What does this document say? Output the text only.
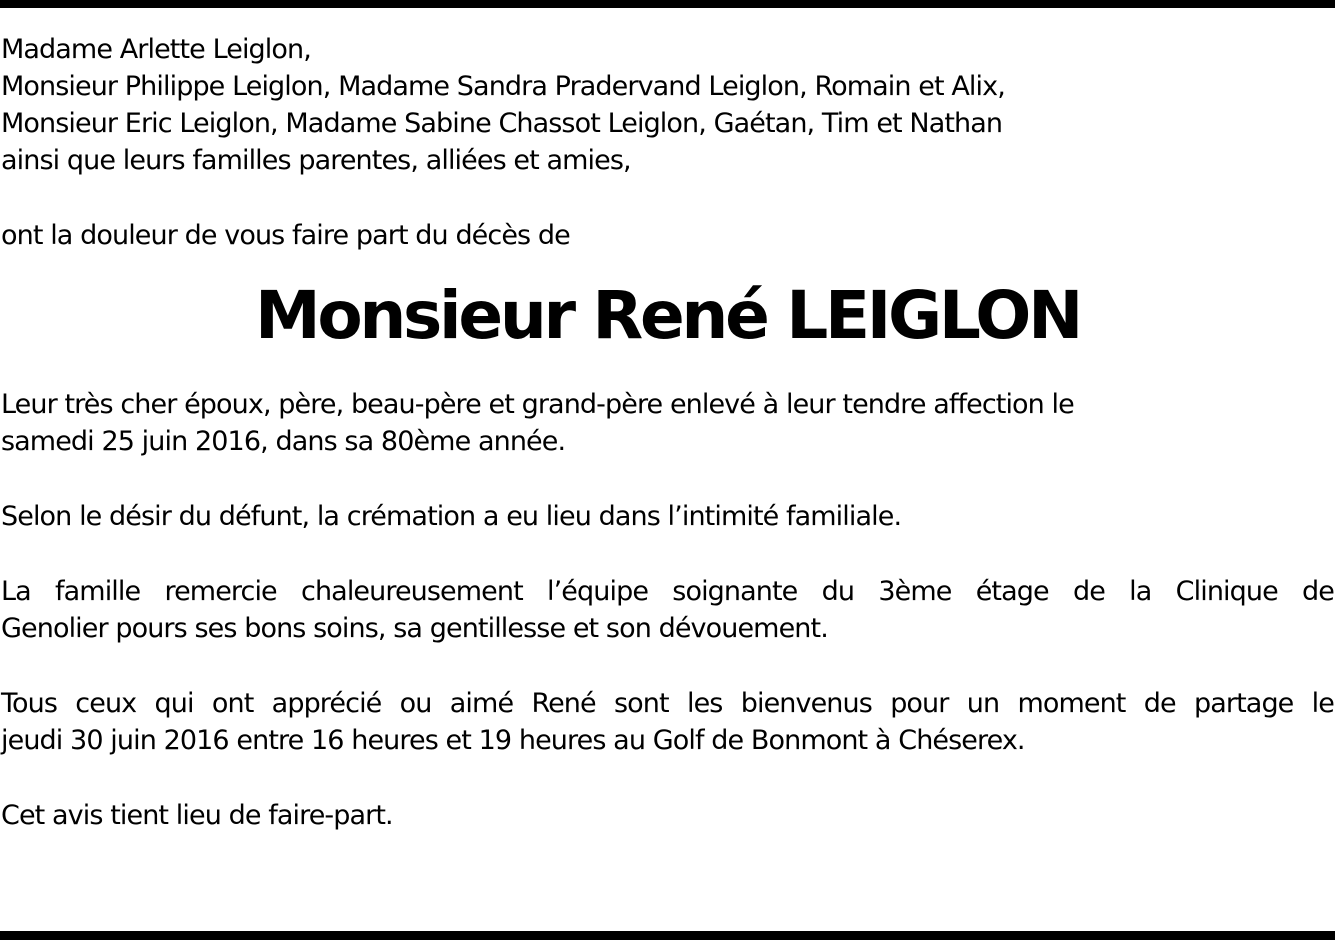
Madame Arlette Leiglon,
Monsieur Philippe Leiglon, Madame Sandra Pradervand Leiglon, Romain et Alix,
Monsieur Eric Leiglon, Madame Sabine Chassot Leiglon, Gaétan, Tim et Nathan
ainsi que leurs familles parentes, alliées et amies,
ont la douleur de vous faire part du décès de
Monsieur René LEIGLON
Leur très cher époux, père, beau-père et grand-père enlevé à leur tendre affection le
samedi 25 juin 2016, dans sa 80ème année.
Selon le désir du défunt, la crémation a eu lieu dans l’intimité familiale.
La famille remercie chaleureusement l’équipe soignante du 3ème étage de la Clinique de
Genolier pours ses bons soins, sa gentillesse et son dévouement.
Tous ceux qui ont apprécié ou aimé René sont les bienvenus pour un moment de partage le
jeudi 30 juin 2016 entre 16 heures et 19 heures au Golf de Bonmont à Chéserex.
Cet avis tient lieu de faire-part.
